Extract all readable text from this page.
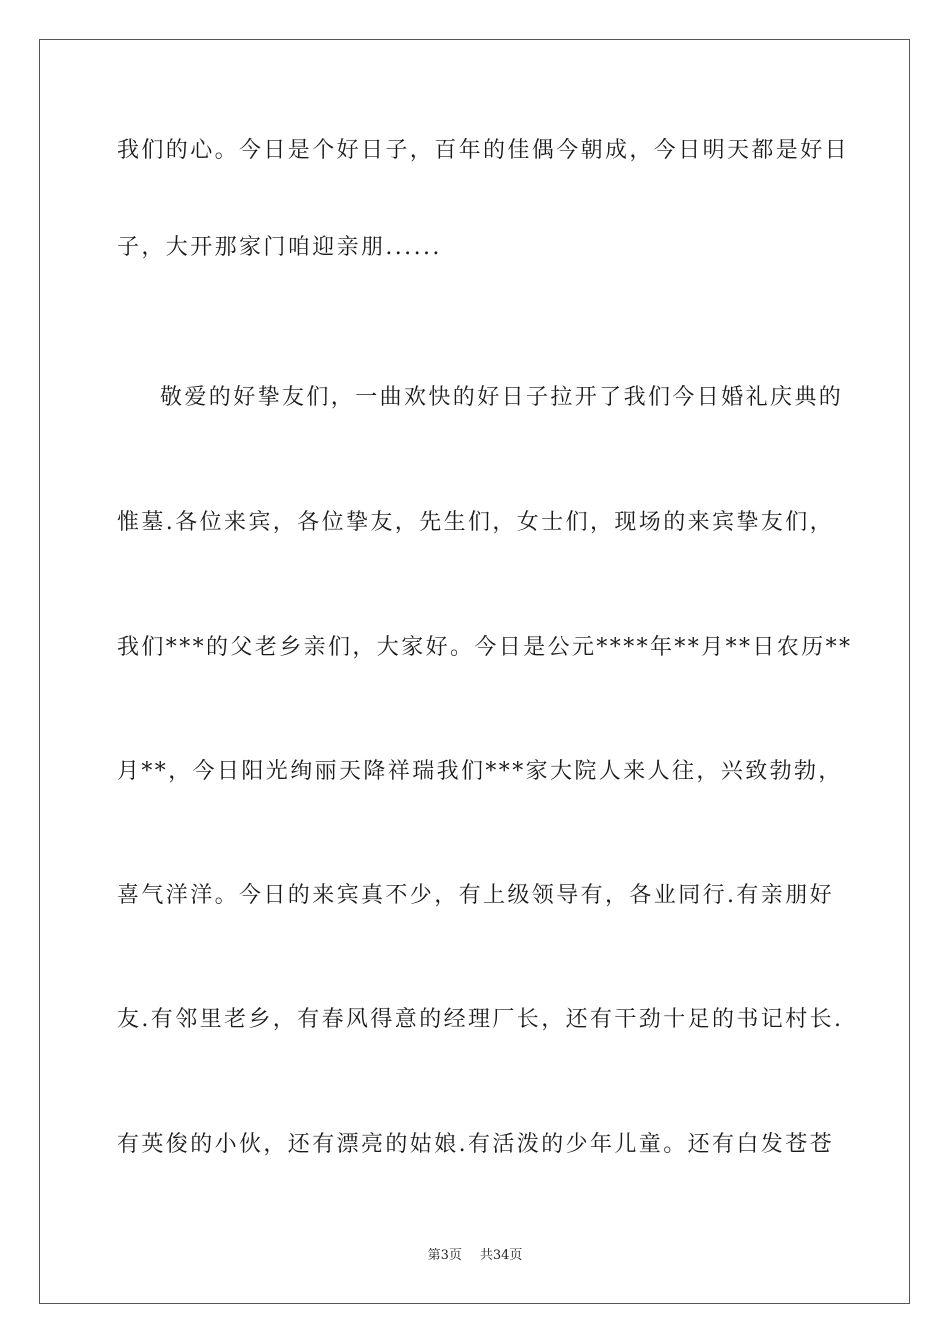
我们的心。今日是个好日子，百年的佳偶今朝成，今日明天都是好日
子，大开那家门咱迎亲朋......
敬爱的好挚友们，一曲欢快的好日子拉开了我们今日婚礼庆典的
惟墓.各位来宾，各位挚友，先生们，女士们，现场的来宾挚友们，
我们***的父老乡亲们，大家好。今日是公元****年**月**日农历**
月**，今日阳光绚丽天降祥瑞我们***家大院人来人往，兴致勃勃，
喜气洋洋。今日的来宾真不少，有上级领导有，各业同行.有亲朋好
友.有邻里老乡，有春风得意的经理厂长，还有干劲十足的书记村长.
有英俊的小伙，还有漂亮的姑娘.有活泼的少年儿童。还有白发苍苍
第3页 共34页
